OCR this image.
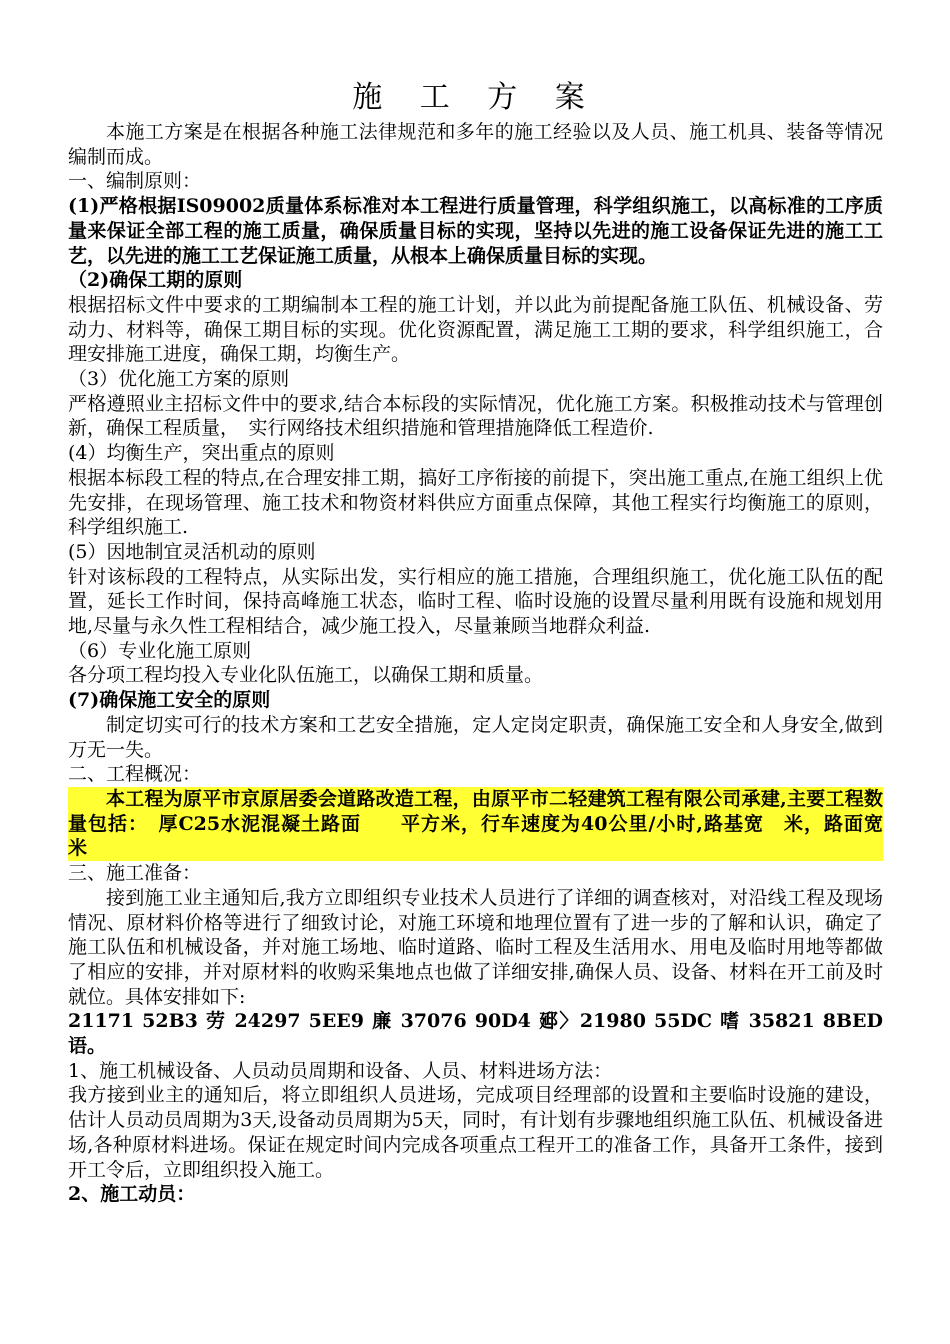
施 工 方 案

本施工方案是在根据各种施工法律规范和多年的施工经验以及人员、施工机具、装备等情况编制而成。

一、编制原则：

(1)严格根据IS09002质量体系标准对本工程进行质量管理，科学组织施工，以高标准的工序质量来保证全部工程的施工质量，确保质量目标的实现，坚持以先进的施工设备保证先进的施工工艺，以先进的施工工艺保证施工质量，从根本上确保质量目标的实现。

（2)确保工期的原则

根据招标文件中要求的工期编制本工程的施工计划，并以此为前提配备施工队伍、机械设备、劳动力、材料等，确保工期目标的实现。优化资源配置，满足施工工期的要求，科学组织施工，合理安排施工进度，确保工期，均衡生产。

（3）优化施工方案的原则

严格遵照业主招标文件中的要求,结合本标段的实际情况，优化施工方案。积极推动技术与管理创新，确保工程质量，　实行网络技术组织措施和管理措施降低工程造价.

(4）均衡生产，突出重点的原则

根据本标段工程的特点,在合理安排工期，搞好工序衔接的前提下，突出施工重点,在施工组织上优先安排，在现场管理、施工技术和物资材料供应方面重点保障，其他工程实行均衡施工的原则，科学组织施工.

(5）因地制宜灵活机动的原则

针对该标段的工程特点，从实际出发，实行相应的施工措施，合理组织施工，优化施工队伍的配置，延长工作时间，保持高峰施工状态，临时工程、临时设施的设置尽量利用既有设施和规划用地,尽量与永久性工程相结合，减少施工投入，尽量兼顾当地群众利益.

（6）专业化施工原则

各分项工程均投入专业化队伍施工，以确保工期和质量。

(7)确保施工安全的原则

制定切实可行的技术方案和工艺安全措施，定人定岗定职责，确保施工安全和人身安全,做到万无一失。

二、工程概况：

本工程为原平市京原居委会道路改造工程，由原平市二轻建筑工程有限公司承建,主要工程数量包括：　厚C25水泥混凝土路面　　平方米，行车速度为40公里/小时,路基宽　米，路面宽　 米

三、施工准备：

接到施工业主通知后,我方立即组织专业技术人员进行了详细的调查核对，对沿线工程及现场情况、原材料价格等进行了细致讨论，对施工环境和地理位置有了进一步的了解和认识，确定了施工队伍和机械设备，并对施工场地、临时道路、临时工程及生活用水、用电及临时用地等都做了相应的安排，并对原材料的收购采集地点也做了详细安排,确保人员、设备、材料在开工前及时就位。具体安排如下:

21171 52B3 劳 24297 5EE9 廉 37076 90D4 郔〉21980 55DC 嗜 35821 8BED 语。

1、施工机械设备、人员动员周期和设备、人员、材料进场方法：

我方接到业主的通知后，将立即组织人员进场，完成项目经理部的设置和主要临时设施的建设，估计人员动员周期为3天,设备动员周期为5天，同时，有计划有步骤地组织施工队伍、机械设备进场,各种原材料进场。保证在规定时间内完成各项重点工程开工的准备工作，具备开工条件，接到开工令后，立即组织投入施工。

2、施工动员：
